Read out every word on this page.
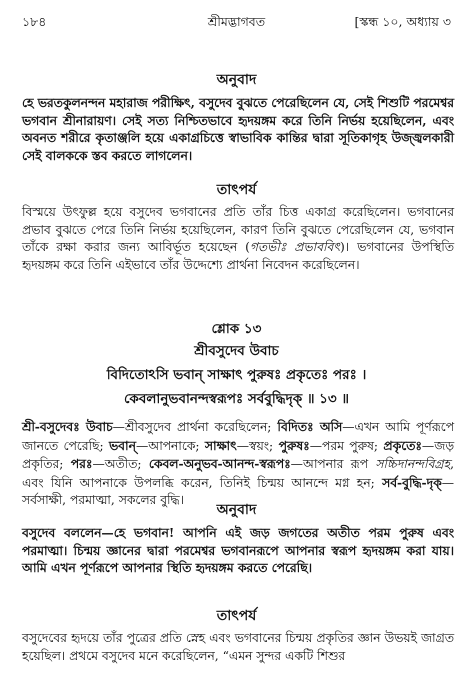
১৮৪	শ্রীমদ্ভাগবত	[স্কন্ধ ১০, অধ্যায় ৩
অনুবাদ
হে ভরতকুলনন্দন মহারাজ পরীক্ষিৎ, বসুদেব বুঝতে পেরেছিলেন যে, সেই শিশুটি পরমেশ্বর ভগবান শ্রীনারায়ণ। সেই সত্য নিশ্চিতভাবে হৃদয়ঙ্গম করে তিনি নির্ভয় হয়েছিলেন, এবং অবনত শরীরে কৃতাঞ্জলি হয়ে একাগ্রচিত্তে স্বাভাবিক কান্তির দ্বারা সূতিকাগৃহ উজ্জ্বলকারী সেই বালককে স্তব করতে লাগলেন।
তাৎপর্য
বিস্ময়ে উৎফুল্ল হয়ে বসুদেব ভগবানের প্রতি তাঁর চিত্ত একাগ্র করেছিলেন। ভগবানের প্রভাব বুঝতে পেরে তিনি নির্ভয় হয়েছিলেন, কারণ তিনি বুঝতে পেরেছিলেন যে, ভগবান তাঁকে রক্ষা করার জন্য আবির্ভূত হয়েছেন (গতভীঃ প্রভাববিৎ)। ভগবানের উপস্থিতি হৃদয়ঙ্গম করে তিনি এইভাবে তাঁর উদ্দেশ্যে প্রার্থনা নিবেদন করেছিলেন।
শ্লোক ১৩
শ্রীবসুদেব উবাচ
বিদিতোঽসি ভবান্ সাক্ষাৎ পুরুষঃ প্রকৃতেঃ পরঃ ।
কেবলানুভবানন্দস্বরূপঃ সর্ববুদ্ধিদৃক্ ॥ ১৩ ॥
শ্রী-বসুদেবঃ উবাচ—শ্রীবসুদেব প্রার্থনা করেছিলেন; বিদিতঃ অসি—এখন আমি পূর্ণরূপে জানতে পেরেছি; ভবান্—আপনাকে; সাক্ষাৎ—স্বয়ং; পুরুষঃ—পরম পুরুষ; প্রকৃতেঃ—জড় প্রকৃতির; পরঃ—অতীত; কেবল-অনুভব-আনন্দ-স্বরূপঃ—আপনার রূপ সচ্চিদানন্দবিগ্রহ, এবং যিনি আপনাকে উপলব্ধি করেন, তিনিই চিন্ময় আনন্দে মগ্ন হন; সর্ব-বুদ্ধি-দৃক্—সর্বসাক্ষী, পরমাত্মা, সকলের বুদ্ধি।
অনুবাদ
বসুদেব বললেন—হে ভগবান! আপনি এই জড় জগতের অতীত পরম পুরুষ এবং পরমাত্মা। চিন্ময় জ্ঞানের দ্বারা পরমেশ্বর ভগবানরূপে আপনার স্বরূপ হৃদয়ঙ্গম করা যায়। আমি এখন পূর্ণরূপে আপনার স্থিতি হৃদয়ঙ্গম করতে পেরেছি।
তাৎপর্য
বসুদেবের হৃদয়ে তাঁর পুত্রের প্রতি স্নেহ এবং ভগবানের চিন্ময় প্রকৃতির জ্ঞান উভয়ই জাগ্রত হয়েছিল। প্রথমে বসুদেব মনে করেছিলেন, “এমন সুন্দর একটি শিশুর
